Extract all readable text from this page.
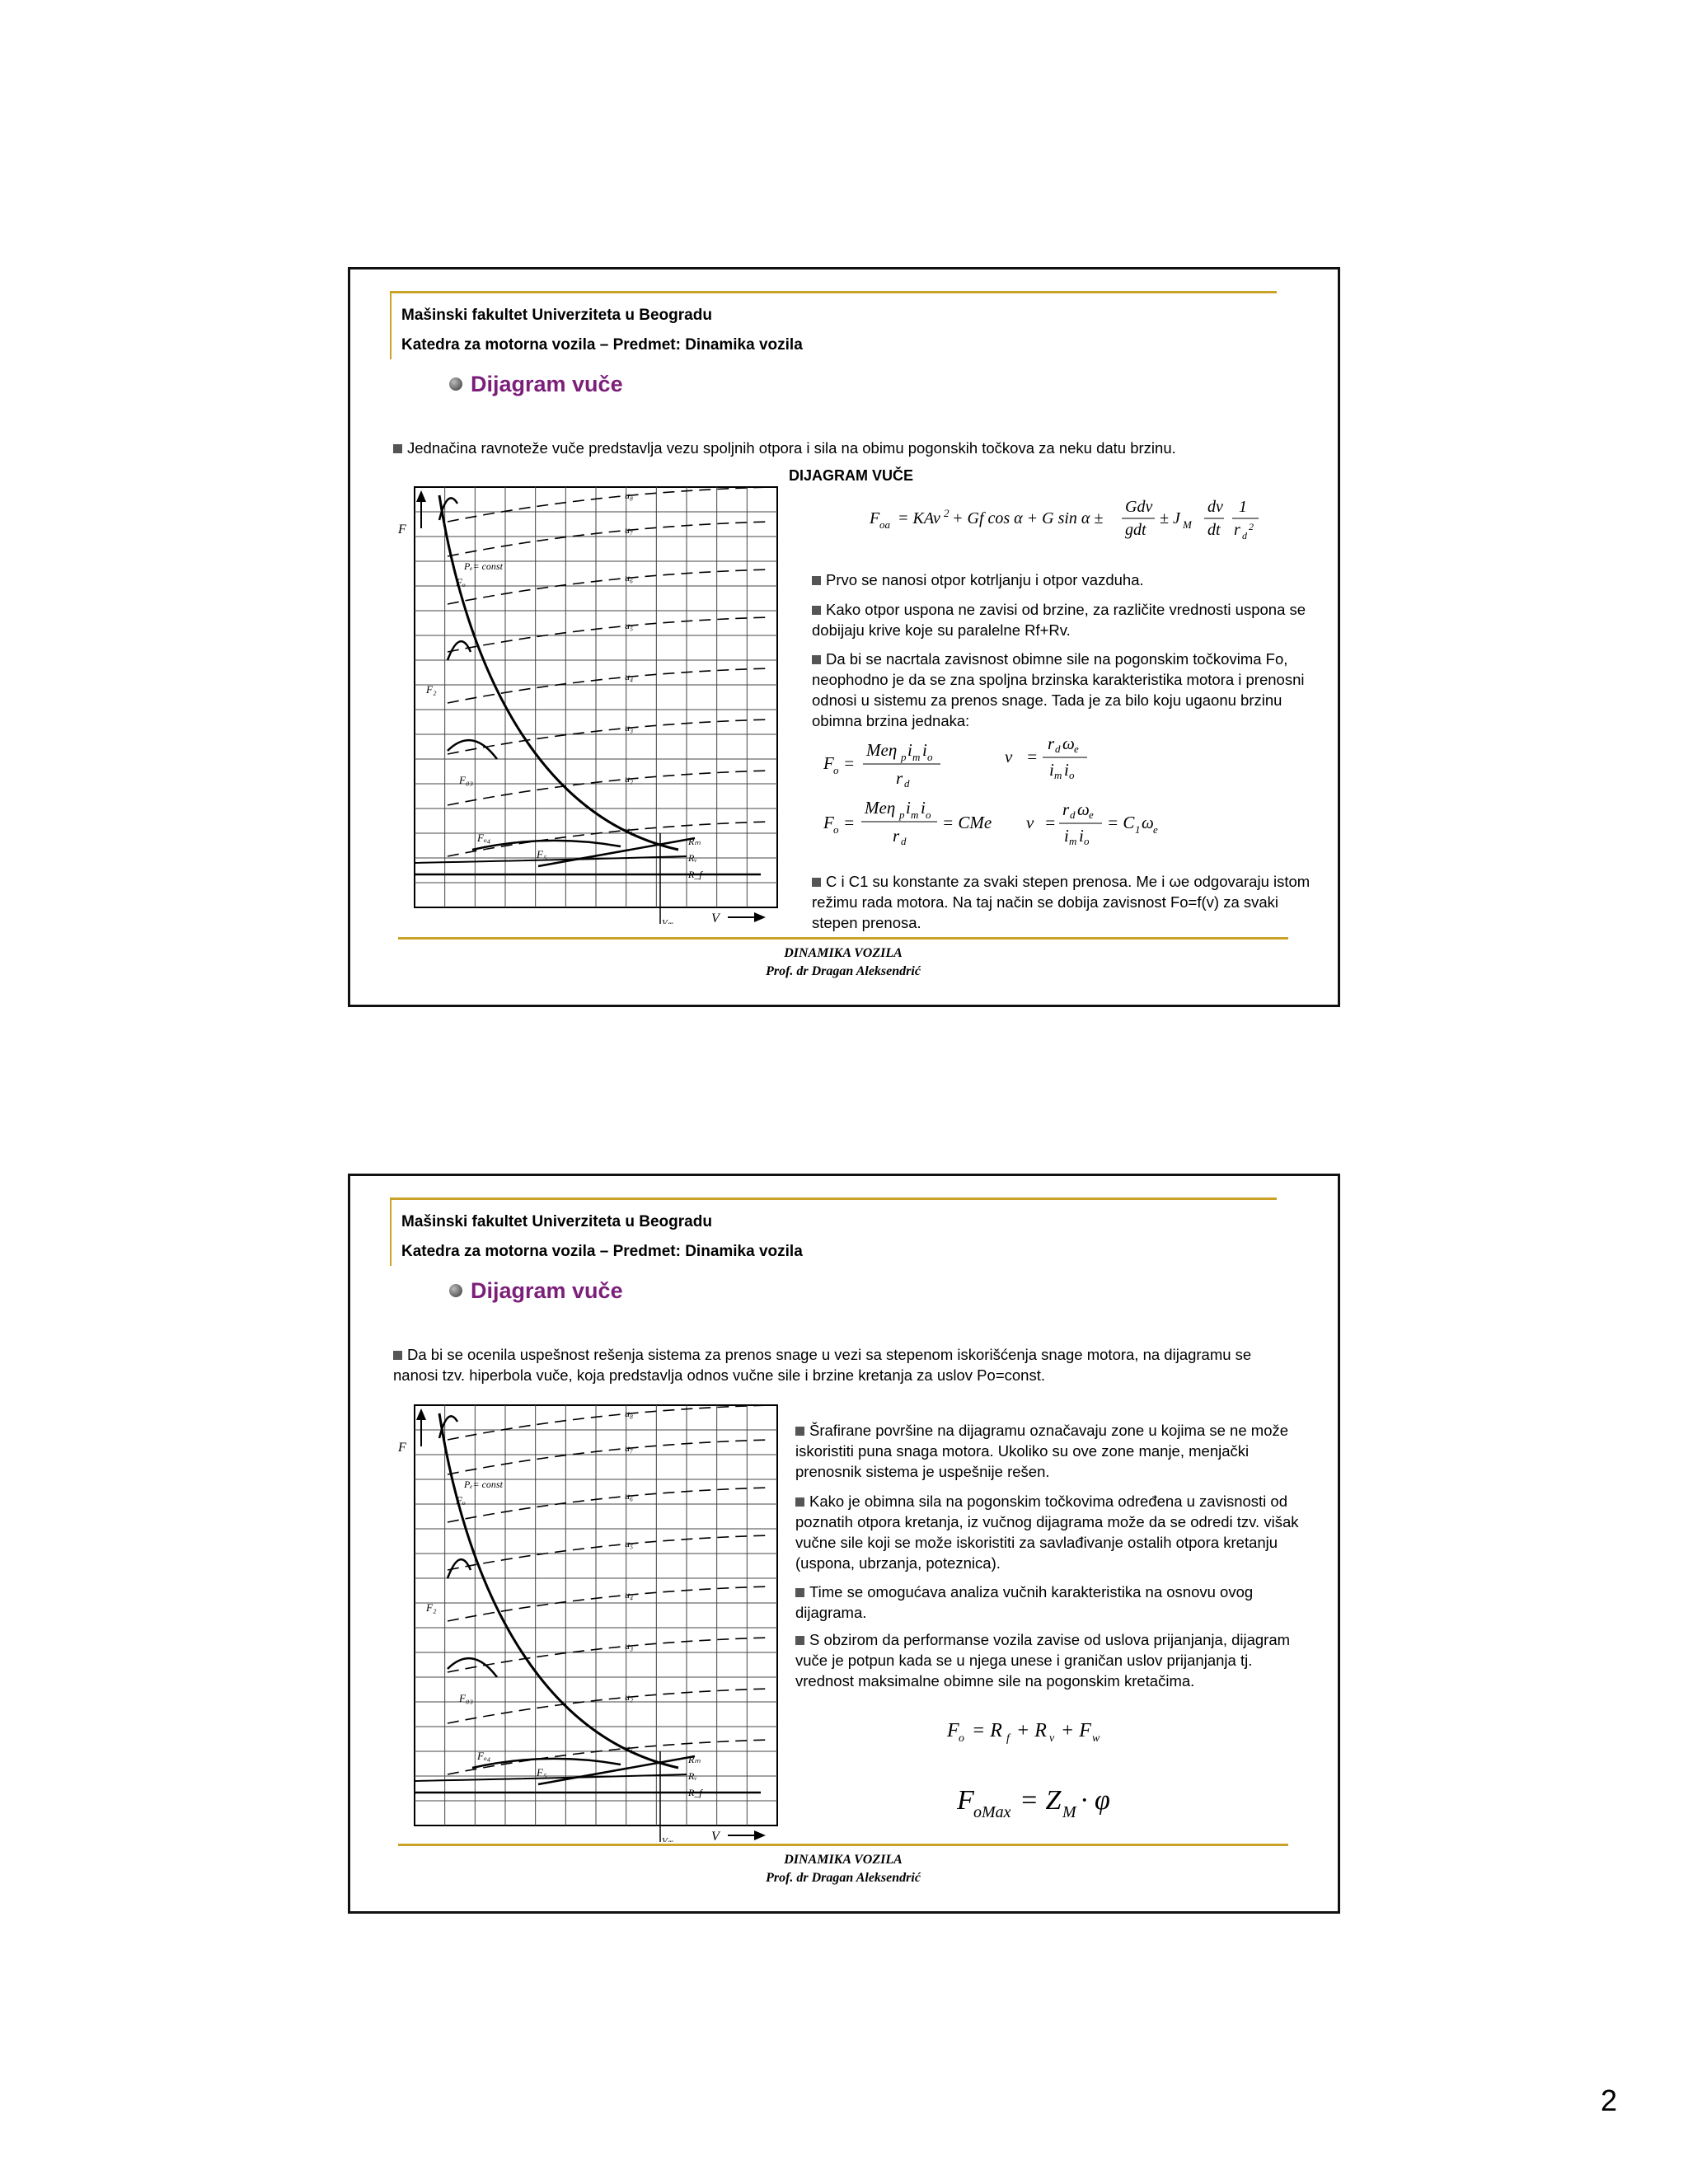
Mašinski fakultet Univerziteta u Beogradu
Katedra za motorna vozila – Predmet: Dinamika vozila
Dijagram vuče
Jednačina ravnoteže vuče predstavlja vezu spoljnih otpora i sila na obimu pogonskih točkova za neku datu brzinu.
F
V
u₈
u₇
u₆
u₅
u₄
u₃
u₂
u₁
Pₑ= const
Fₒ
F₂
F₀₃
Fₒ₄
F₅
Rₘ
Rᵥ
R_f
Vₘₐₓ
DIJAGRAM VUČE
F oa = KAv 2 + Gf cos α + G sin α ±
Gdv
gdt
± J M
dv
dt
1
r d
2
Prvo se nanosi otpor kotrljanju i otpor vazduha.
Kako otpor uspona ne zavisi od brzine, za različite vrednosti uspona se dobijaju krive koje su paralelne Rf+Rv.
Da bi se nacrtala zavisnost obimne sile na pogonskim točkovima Fo, neophodno je da se zna spoljna brzinska karakteristika motora i prenosni odnosi u sistemu za prenos snage. Tada je za bilo koju ugaonu brzinu obimna brzina jednaka:
F o =
Meη p i m i o
r d
v =
r d ω e
i m i o
F o =
Meη p i m i o
r d
= CMe v =
r d ω e
i m i o
= C 1 ω e
C i C1 su konstante za svaki stepen prenosa. Me i ωe odgovaraju istom režimu rada motora. Na taj način se dobija zavisnost Fo=f(v) za svaki stepen prenosa.
DINAMIKA VOZILA
Prof. dr Dragan Aleksendrić
Mašinski fakultet Univerziteta u Beogradu
Katedra za motorna vozila – Predmet: Dinamika vozila
Dijagram vuče
Da bi se ocenila uspešnost rešenja sistema za prenos snage u vezi sa stepenom iskorišćenja snage motora, na dijagramu se nanosi tzv. hiperbola vuče, koja predstavlja odnos vučne sile i brzine kretanja za uslov Po=const.
F
V
u₈
u₇
u₆
u₅
u₄
u₃
u₂
u₁
Pₑ= const
Fₒ
F₂
F₀₃
Fₒ₄
F₅
Rₘ
Rᵥ
R_f
Vₘₐₓ
Šrafirane površine na dijagramu označavaju zone u kojima se ne može iskoristiti puna snaga motora. Ukoliko su ove zone manje, menjački prenosnik sistema je uspešnije rešen.
Kako je obimna sila na pogonskim točkovima određena u zavisnosti od poznatih otpora kretanja, iz vučnog dijagrama može da se odredi tzv. višak vučne sile koji se može iskoristiti za savlađivanje ostalih otpora kretanju (uspona, ubrzanja, poteznica).
Time se omogućava analiza vučnih karakteristika na osnovu ovog dijagrama.
S obzirom da performanse vozila zavise od uslova prijanjanja, dijagram vuče je potpun kada se u njega unese i graničan uslov prijanjanja tj. vrednost maksimalne obimne sile na pogonskim kretačima.
F o = R f + R v + F w
F oMax = Z M · φ
DINAMIKA VOZILA
Prof. dr Dragan Aleksendrić
2
